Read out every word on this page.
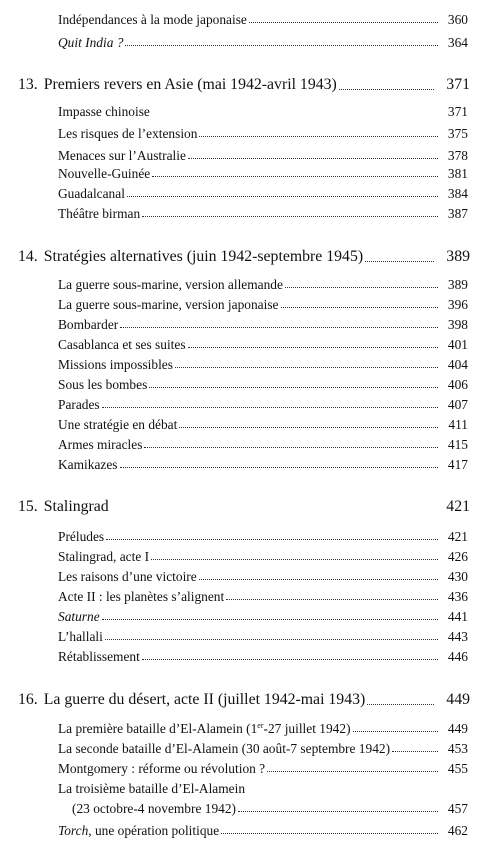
Indépendances à la mode japonaise	360
Quit India ?	364
13. Premiers revers en Asie (mai 1942-avril 1943)	371
Impasse chinoise	371
Les risques de l’extension	375
Menaces sur l’Australie	378
Nouvelle-Guinée	381
Guadalcanal	384
Théâtre birman	387
14. Stratégies alternatives (juin 1942-septembre 1945)	389
La guerre sous-marine, version allemande	389
La guerre sous-marine, version japonaise	396
Bombarder	398
Casablanca et ses suites	401
Missions impossibles	404
Sous les bombes	406
Parades	407
Une stratégie en débat	411
Armes miracles	415
Kamikazes	417
15. Stalingrad	421
Préludes	421
Stalingrad, acte I	426
Les raisons d’une victoire	430
Acte II : les planètes s’alignent	436
Saturne	441
L’hallali	443
Rétablissement	446
16. La guerre du désert, acte II (juillet 1942-mai 1943)	449
La première bataille d’El-Alamein (1er-27 juillet 1942)	449
La seconde bataille d’El-Alamein (30 août-7 septembre 1942)	453
Montgomery : réforme ou révolution ?	455
La troisième bataille d’El-Alamein
(23 octobre-4 novembre 1942)	457
Torch, une opération politique	462
